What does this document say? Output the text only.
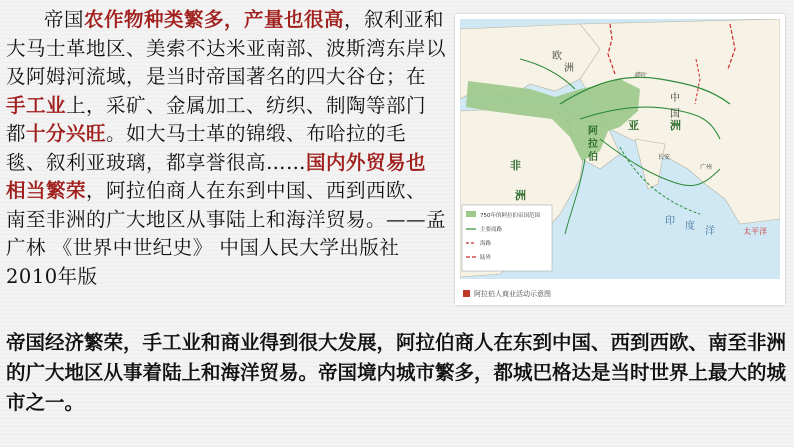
帝国农作物种类繁多，产量也很高，叙利亚和大马士革地区、美索不达米亚南部、波斯湾东岸以及阿姆河流域，是当时帝国著名的四大谷仓；在手工业上，采矿、金属加工、纺织、制陶等部门都十分兴旺。如大马士革的锦缎、布哈拉的毛毯、叙利亚玻璃，都享誉很高……国内外贸易也相当繁荣，阿拉伯商人在东到中国、西到西欧、南至非洲的广大地区从事陆上和海洋贸易。——孟广林 《世界中世纪史》 中国人民大学出版社2010年版
欧
洲
亚	洲
非
洲
阿
拉
伯
中
国
印 度 洋	太平洋
长安
广州
碎叶
750年的阿拉伯帝国范围
主要商路
海路
陆界
阿拉伯人商业活动示意图
帝国经济繁荣，手工业和商业得到很大发展，阿拉伯商人在东到中国、西到西欧、南至非洲的广大地区从事着陆上和海洋贸易。帝国境内城市繁多，都城巴格达是当时世界上最大的城市之一。
